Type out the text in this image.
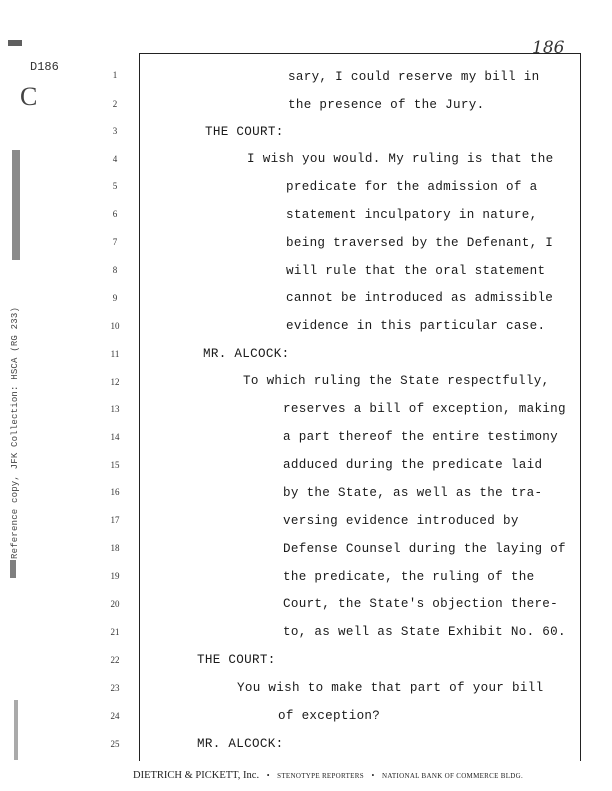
D186
C
186
Reference copy, JFK Collection: HSCA (RG 233)
1	sary, I could reserve my bill in
2	the presence of the Jury.
3	THE COURT:
4	I wish you would. My ruling is that the
5	predicate for the admission of a
6	statement inculpatory in nature,
7	being traversed by the Defenant, I
8	will rule that the oral statement
9	cannot be introduced as admissible
10	evidence in this particular case.
11	MR. ALCOCK:
12	To which ruling the State respectfully,
13	reserves a bill of exception, making
14	a part thereof the entire testimony
15	adduced during the predicate laid
16	by the State, as well as the tra-
17	versing evidence introduced by
18	Defense Counsel during the laying of
19	the predicate, the ruling of the
20	Court, the State's objection there-
21	to, as well as State Exhibit No. 60.
22	THE COURT:
23	You wish to make that part of your bill
24	of exception?
25	MR. ALCOCK:
DIETRICH & PICKETT, Inc. • STENOTYPE REPORTERS • NATIONAL BANK OF COMMERCE BLDG.
